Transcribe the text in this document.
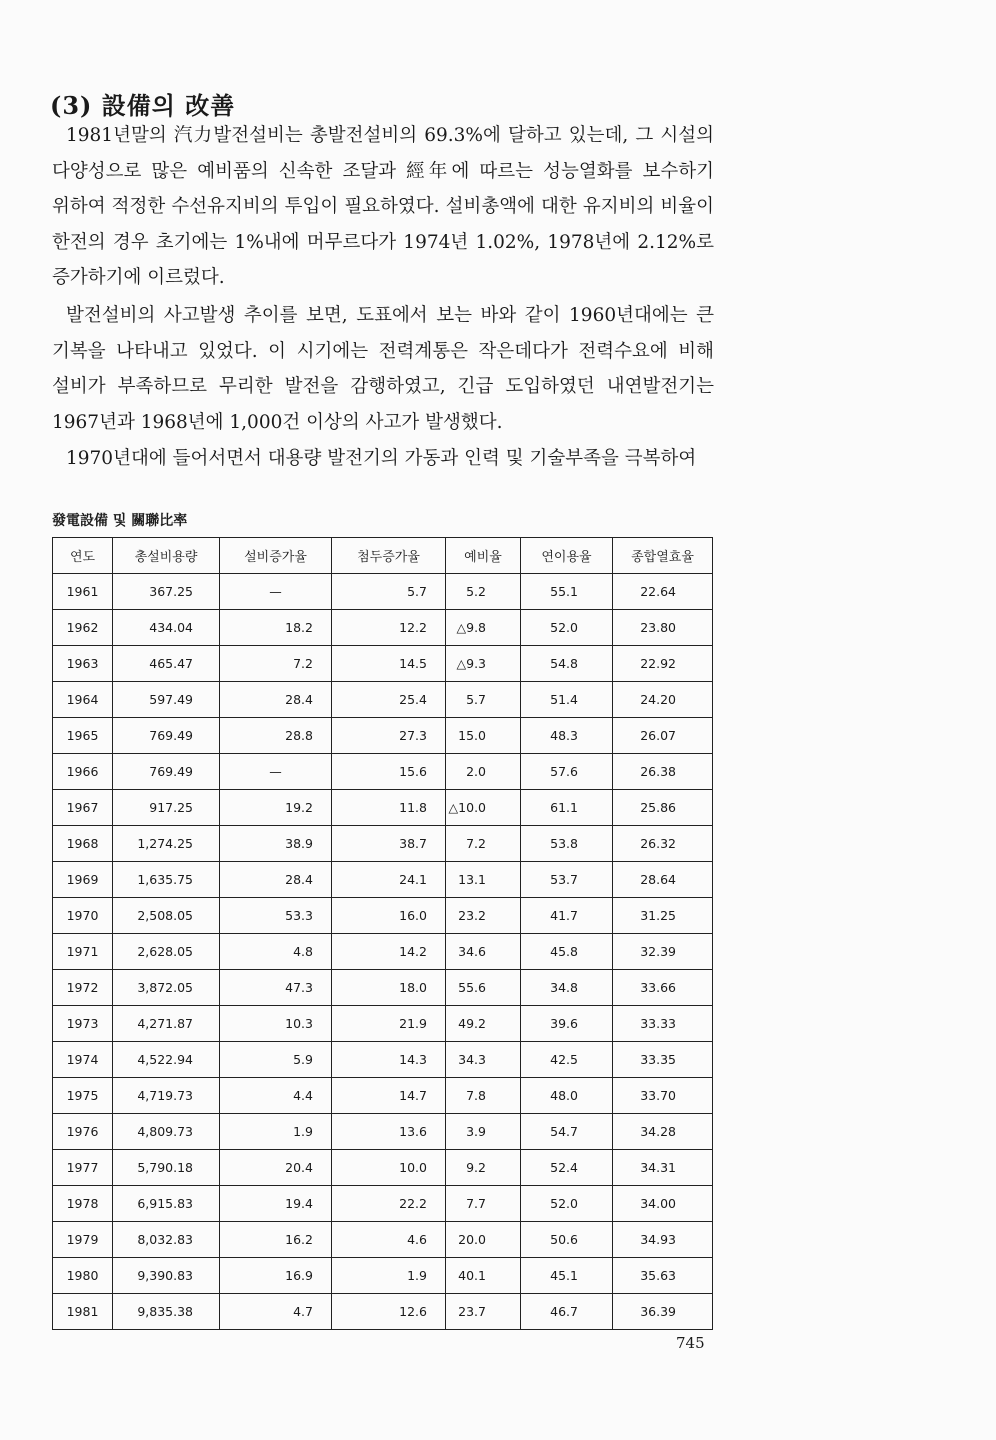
(3) 設備의 改善

1981년말의 汽力발전설비는 총발전설비의 69.3%에 달하고 있는데, 그 시설의 다양성으로 많은 예비품의 신속한 조달과 經年에 따르는 성능열화를 보수하기 위하여 적정한 수선유지비의 투입이 필요하였다. 설비총액에 대한 유지비의 비율이 한전의 경우 초기에는 1%내에 머무르다가 1974년 1.02%, 1978년에 2.12%로 증가하기에 이르렀다.

발전설비의 사고발생 추이를 보면, 도표에서 보는 바와 같이 1960년대에는 큰 기복을 나타내고 있었다. 이 시기에는 전력계통은 작은데다가 전력수요에 비해 설비가 부족하므로 무리한 발전을 감행하였고, 긴급 도입하였던 내연발전기는 1967년과 1968년에 1,000건 이상의 사고가 발생했다.

1970년대에 들어서면서 대용량 발전기의 가동과 인력 및 기술부족을 극복하여

發電設備 및 關聯比率
연도	총설비용량	설비증가율	첨두증가율	예비율	연이용율	종합열효율
1961	367.25	—	5.7	5.2	55.1	22.64
1962	434.04	18.2	12.2	△9.8	52.0	23.80
1963	465.47	7.2	14.5	△9.3	54.8	22.92
1964	597.49	28.4	25.4	5.7	51.4	24.20
1965	769.49	28.8	27.3	15.0	48.3	26.07
1966	769.49	—	15.6	2.0	57.6	26.38
1967	917.25	19.2	11.8	△10.0	61.1	25.86
1968	1,274.25	38.9	38.7	7.2	53.8	26.32
1969	1,635.75	28.4	24.1	13.1	53.7	28.64
1970	2,508.05	53.3	16.0	23.2	41.7	31.25
1971	2,628.05	4.8	14.2	34.6	45.8	32.39
1972	3,872.05	47.3	18.0	55.6	34.8	33.66
1973	4,271.87	10.3	21.9	49.2	39.6	33.33
1974	4,522.94	5.9	14.3	34.3	42.5	33.35
1975	4,719.73	4.4	14.7	7.8	48.0	33.70
1976	4,809.73	1.9	13.6	3.9	54.7	34.28
1977	5,790.18	20.4	10.0	9.2	52.4	34.31
1978	6,915.83	19.4	22.2	7.7	52.0	34.00
1979	8,032.83	16.2	4.6	20.0	50.6	34.93
1980	9,390.83	16.9	1.9	40.1	45.1	35.63
1981	9,835.38	4.7	12.6	23.7	46.7	36.39
745
